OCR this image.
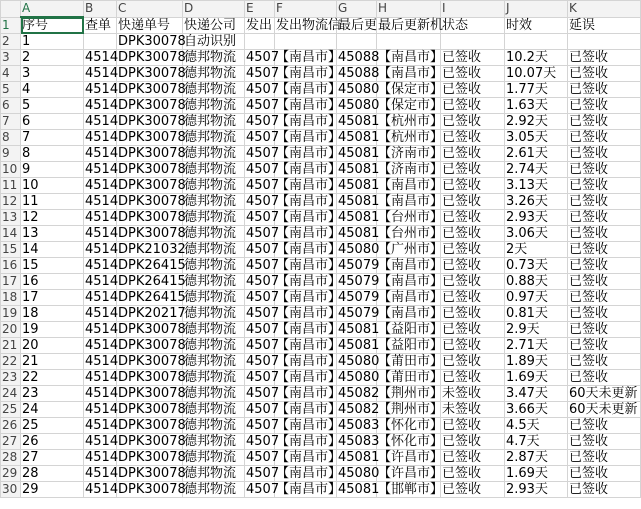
	A	B	C	D	E	F	G	H	I	J	K
1	序号	查单	快递单号	快递公司	发出	发出物流信	最后更	最后更新机	状态	时效	延误
2	1		DPK30078	自动识别							
3	2	4514	DPK30078	德邦物流	4507	【南昌市】	45088	【南昌市】	已签收	10.2天	已签收
4	3	4514	DPK30078	德邦物流	4507	【南昌市】	45088	【南昌市】	已签收	10.07天	已签收
5	4	4514	DPK30078	德邦物流	4507	【南昌市】	45080	【保定市】	已签收	1.77天	已签收
6	5	4514	DPK30078	德邦物流	4507	【南昌市】	45080	【保定市】	已签收	1.63天	已签收
7	6	4514	DPK30078	德邦物流	4507	【南昌市】	45081	【杭州市】	已签收	2.92天	已签收
8	7	4514	DPK30078	德邦物流	4507	【南昌市】	45081	【杭州市】	已签收	3.05天	已签收
9	8	4514	DPK30078	德邦物流	4507	【南昌市】	45081	【济南市】	已签收	2.61天	已签收
10	9	4514	DPK30078	德邦物流	4507	【南昌市】	45081	【济南市】	已签收	2.74天	已签收
11	10	4514	DPK30078	德邦物流	4507	【南昌市】	45081	【南昌市】	已签收	3.13天	已签收
12	11	4514	DPK30078	德邦物流	4507	【南昌市】	45081	【南昌市】	已签收	3.26天	已签收
13	12	4514	DPK30078	德邦物流	4507	【南昌市】	45081	【台州市】	已签收	2.93天	已签收
14	13	4514	DPK30078	德邦物流	4507	【南昌市】	45081	【台州市】	已签收	3.06天	已签收
15	14	4514	DPK21032	德邦物流	4507	【南昌市】	45080	【广州市】	已签收	2天	已签收
16	15	4514	DPK26415	德邦物流	4507	【南昌市】	45079	【南昌市】	已签收	0.73天	已签收
17	16	4514	DPK26415	德邦物流	4507	【南昌市】	45079	【南昌市】	已签收	0.88天	已签收
18	17	4514	DPK26415	德邦物流	4507	【南昌市】	45079	【南昌市】	已签收	0.97天	已签收
19	18	4514	DPK20217	德邦物流	4507	【南昌市】	45079	【南昌市】	已签收	0.81天	已签收
20	19	4514	DPK30078	德邦物流	4507	【南昌市】	45081	【益阳市】	已签收	2.9天	已签收
21	20	4514	DPK30078	德邦物流	4507	【南昌市】	45081	【益阳市】	已签收	2.71天	已签收
22	21	4514	DPK30078	德邦物流	4507	【南昌市】	45080	【莆田市】	已签收	1.89天	已签收
23	22	4514	DPK30078	德邦物流	4507	【南昌市】	45080	【莆田市】	已签收	1.69天	已签收
24	23	4514	DPK30078	德邦物流	4507	【南昌市】	45082	【荆州市】	未签收	3.47天	60天未更新
25	24	4514	DPK30078	德邦物流	4507	【南昌市】	45082	【荆州市】	未签收	3.66天	60天未更新
26	25	4514	DPK30078	德邦物流	4507	【南昌市】	45083	【怀化市】	已签收	4.5天	已签收
27	26	4514	DPK30078	德邦物流	4507	【南昌市】	45083	【怀化市】	已签收	4.7天	已签收
28	27	4514	DPK30078	德邦物流	4507	【南昌市】	45081	【许昌市】	已签收	2.87天	已签收
29	28	4514	DPK30078	德邦物流	4507	【南昌市】	45080	【许昌市】	已签收	1.69天	已签收
30	29	4514	DPK30078	德邦物流	4507	【南昌市】	45081	【邯郸市】	已签收	2.93天	已签收
